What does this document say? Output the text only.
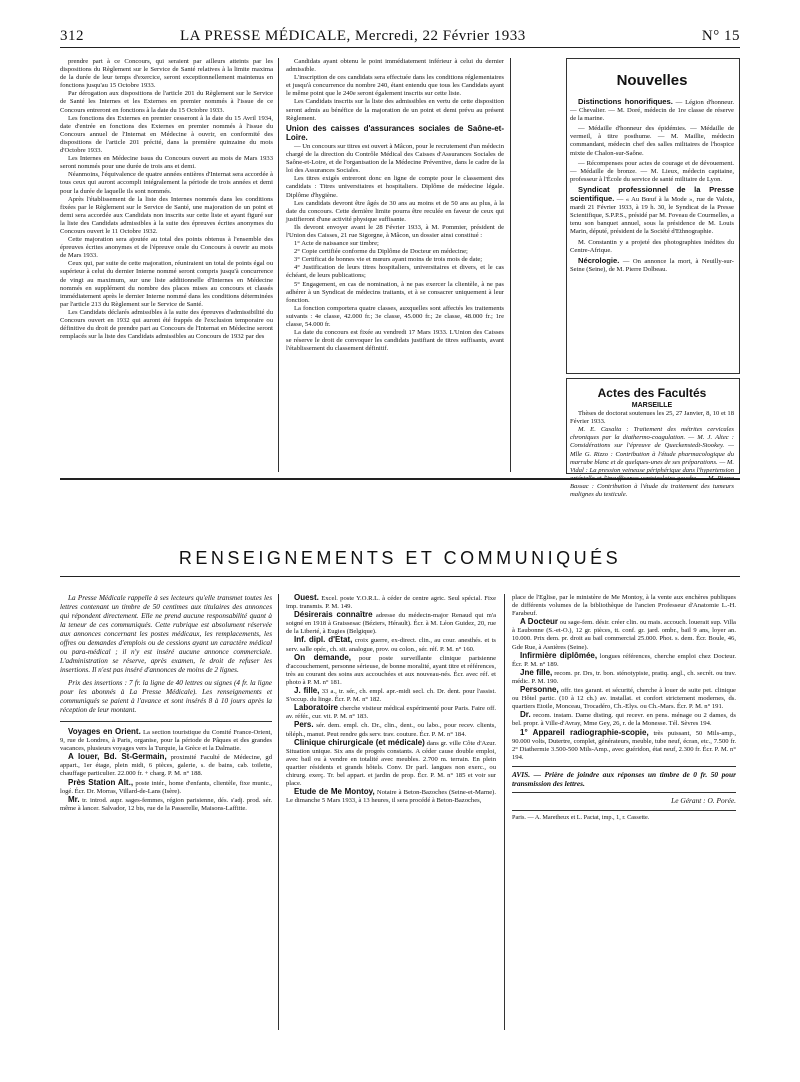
312	LA PRESSE MÉDICALE, Mercredi, 22 Février 1933	N° 15

prendre part à ce Concours, qui seraient par ailleurs atteints par les dispositions du Règlement sur le Service de Santé relatives à la limite maxima de la durée de leur temps d'exercice, seront exceptionnellement maintenus en fonctions jusqu'au 15 Octobre 1933.

Par dérogation aux dispositions de l'article 201 du Règlement sur le Service de Santé les Internes et les Externes en premier nommés à l'issue de ce Concours entreront en fonctions à la date du 15 Octobre 1933.

Les fonctions des Externes en premier cesseront à la date du 15 Avril 1934, date d'entrée en fonctions des Externes en premier nommés à l'issue du Concours annuel de l'Internat en Médecine à ouvrir, en conformité des dispositions de l'article 201 précité, dans la première quinzaine du mois d'Octobre 1933.

Les Internes en Médecine issus du Concours ouvert au mois de Mars 1933 seront nommés pour une durée de trois ans et demi.

Néanmoins, l'équivalence de quatre années entières d'Internat sera accordée à tous ceux qui auront accompli intégralement la période de trois années et demi pour la durée de laquelle ils sont nommés.

Après l'établissement de la liste des Internes nommés dans les conditions fixées par le Règlement sur le Service de Santé, une majoration de un point et demi sera accordée aux Candidats non inscrits sur cette liste et ayant figuré sur la liste des Candidats admissibles à la suite des épreuves écrites anonymes du Concours ouvert le 11 Octobre 1932.

Cette majoration sera ajoutée au total des points obtenus à l'ensemble des épreuves écrites anonymes et de l'épreuve orale du Concours à ouvrir au mois de Mars 1933.

Ceux qui, par suite de cette majoration, réuniraient un total de points égal ou supérieur à celui du dernier Interne nommé seront compris jusqu'à concurrence de vingt au maximum, sur une liste additionnelle d'Internes en Médecine nommés en supplément du nombre des places mises au concours et classés immédiatement après le dernier Interne nommé dans les conditions déterminées par l'article 213 du Règlement sur le Service de Santé.

Les Candidats déclarés admissibles à la suite des épreuves d'admissibilité du Concours ouvert en 1932 qui auront été frappés de l'exclusion temporaire ou définitive du droit de prendre part au Concours de l'Internat en Médecine seront remplacés sur la liste des Candidats admissibles au Concours de 1932 par des

Candidats ayant obtenu le point immédiatement inférieur à celui du dernier admissible.

L'inscription de ces candidats sera effectuée dans les conditions réglementaires et jusqu'à concurrence du nombre 240, étant entendu que tous les Candidats ayant le même point que le 240e seront également inscrits sur cette liste.

Les Candidats inscrits sur la liste des admissibles en vertu de cette disposition seront admis au bénéfice de la majoration de un point et demi prévu au présent Règlement.

Union des caisses d'assurances sociales de Saône-et-Loire.

— Un concours sur titres est ouvert à Mâcon, pour le recrutement d'un médecin chargé de la direction du Contrôle Médical des Caisses d'Assurances Sociales de Saône-et-Loire, et de l'organisation de la Médecine Préventive, dans le cadre de la loi des Assurances Sociales.

Les titres exigés entreront donc en ligne de compte pour le classement des candidats : Titres universitaires et hospitaliers. Diplôme de médecine légale. Diplôme d'hygiène.

Les candidats devront être âgés de 30 ans au moins et de 50 ans au plus, à la date du concours. Cette dernière limite pourra être reculée en faveur de ceux qui justifieront d'une activité physique suffisante.

Ils devront envoyer avant le 28 Février 1933, à M. Pommier, président de l'Union des Caisses, 21 rue Sigorgne, à Mâcon, un dossier ainsi constitué :

1° Acte de naissance sur timbre;

2° Copie certifiée conforme du Diplôme de Docteur en médecine;

3° Certificat de bonnes vie et mœurs ayant moins de trois mois de date;

4° Justification de leurs titres hospitaliers, universitaires et divers, et le cas échéant, de leurs publications;

5° Engagement, en cas de nomination, à ne pas exercer la clientèle, à ne pas adhérer à un Syndicat de médecins traitants, et à se consacrer uniquement à leur fonction.

La fonction comportera quatre classes, auxquelles sont affectés les traitements suivants : 4e classe, 42.000 fr.; 3e classe, 45.000 fr.; 2e classe, 48.000 fr.; 1re classe, 54.000 fr.

La date du concours est fixée au vendredi 17 Mars 1933. L'Union des Caisses se réserve le droit de convoquer les candidats justifiant de titres suffisants, avant l'établissement du classement définitif.

Nouvelles

Distinctions honorifiques. — Légion d'honneur. — Chevalier. — M. Doré, médecin de 1re classe de réserve de la marine.

— Médaille d'honneur des épidémies. — Médaille de vermeil, à titre posthume. — M. Maillie, médecin commandant, médecin chef des salles militaires de l'hospice mixte de Chalon-sur-Saône.

— Récompenses pour actes de courage et de dévouement. — Médaille de bronze. — M. Lieux, médecin capitaine, professeur à l'École du service de santé militaire de Lyon.

Syndicat professionnel de la Presse scientifique. — « Au Bœuf à la Mode », rue de Valois, mardi 21 Février 1933, à 19 h. 30, le Syndicat de la Presse Scientifique, S.P.P.S., présidé par M. Foveau de Courmelles, a tenu son banquet annuel, sous la présidence de M. Louis Marin, député, président de la Société d'Ethnographie.

M. Constantin y a projeté des photographies inédites du Centre-Afrique.

Nécrologie. — On annonce la mort, à Neuilly-sur-Seine (Seine), de M. Pierre Dolbeau.

Actes des Facultés

MARSEILLE

Thèses de doctorat soutenues les 25, 27 Janvier, 8, 10 et 18 Février 1933.

M. E. Casalta : Traitement des métrites cervicales chroniques par la diathermo-coagulation. — M. J. Altec : Considérations sur l'épreuve de Queckenstedt-Stookey. — Mlle G. Rizzo : Contribution à l'étude pharmacologique du marrube blanc et de quelques-unes de ses préparations. — M. Vidal : La pression veineuse périphérique dans l'hypertension artérielle et l'insuffisance ventriculaire gauche. — M. Pierre Bassac : Contribution à l'étude du traitement des tumeurs malignes du testicule.

RENSEIGNEMENTS ET COMMUNIQUÉS

La Presse Médicale rappelle à ses lecteurs qu'elle transmet toutes les lettres contenant un timbre de 50 centimes aux titulaires des annonces qui répondent directement. Elle ne prend aucune responsabilité quant à la teneur de ces communiqués. Cette rubrique est absolument réservée aux annonces concernant les postes médicaux, les remplacements, les offres ou demandes d'emplois ou de cessions ayant un caractère médical ou para-médical ; il n'y est inséré aucune annonce commerciale. L'administration se réserve, après examen, le droit de refuser les insertions. Il n'est pas inséré d'annonces de moins de 2 lignes.

Prix des insertions : 7 fr. la ligne de 40 lettres ou signes (4 fr. la ligne pour les abonnés à La Presse Médicale). Les renseignements et communiqués se paient à l'avance et sont insérés 8 à 10 jours après la réception de leur montant.

Voyages en Orient. La section touristique du Comité France-Orient, 9, rue de Londres, à Paris, organise, pour la période de Pâques et des grandes vacances, plusieurs voyages vers la Turquie, la Grèce et la Dalmatie.

A louer, Bd. St-Germain, proximité Faculté de Médecine, gd appart., 1er étage, plein midi, 6 pièces, galerie, s. de bains, cab. toilette, chauffage particulier. 22.000 fr. + charg. P. M. n° 188.

Près Station Alt., poste intér., home d'enfants, clientèle, fixe munic., logé. Écr. Dr. Morras, Villard-de-Lans (Isère).

Mr. tr. introd. aupr. sages-femmes, région parisienne, dés. s'adj. prod. sér. même à lancer. Salvador, 12 bis, rue de la Passerelle, Maisons-Laffitte.

Ouest. Excel. poste Y.O.R.L. à céder de centre agric. Seul spécial. Fixe imp. transmis. P. M. 149.

Désirerais connaître adresse du médecin-major Renaud qui m'a soigné en 1918 à Graissesac (Béziers, Hérault). Écr. à M. Léon Guidez, 20, rue de la Liberté, à Eugies (Belgique).

Inf. dipl. d'Etat, croix guerre, ex-direct. clin., au cour. anesthés. et ts serv. salle opér., ch. sit. analogue, prov. ou colon., sér. réf. P. M. n° 160.

On demande, pour poste surveillante clinique parisienne d'accouchement, personne sérieuse, de bonne moralité, ayant titre et références, très au courant des soins aux accouchées et aux nouveau-nés. Écr. avec réf. et photo à P. M. n° 181.

J. fille, 33 a., tr. sér., ch. empl. apr.-midi secl. ch. Dr. dent. pour l'assist. S'occup. du linge. Écr. P. M. n° 182.

Laboratoire cherche visiteur médical expérimenté pour Paris. Faire off. av. référ., cur. vit. P. M. n° 183.

Pers. sér. dem. empl. ch. Dr., clin., dent., ou labo., pour recev. clients, téléph., manut. Peut rendre gds serv. trav. couture. Écr. P. M. n° 184.

Clinique chirurgicale (et médicale) dans gr. ville Côte d'Azur. Situation unique. Six ans de progrès constants. A céder cause double emploi, avec bail ou à vendre en totalité avec meubles. 2.700 m. terrain. En plein quartier résidents et grands hôtels. Conv. Dr parl. langues non exerc., ou chirurg. exerç. Tr. bel appart. et jardin de prop. Écr. P. M. n° 185 et voir sur place.

Etude de Me Montoy, Notaire à Beton-Bazoches (Seine-et-Marne). Le dimanche 5 Mars 1933, à 13 heures, il sera procédé à Beton-Bazoches,

place de l'Eglise, par le ministère de Me Montoy, à la vente aux enchères publiques de différents volumes de la bibliothèque de l'ancien Professeur d'Anatomie L.-H. Farabeuf.

A Docteur ou sage-fem. désir. créer clin. ou mais. accouch. louerait sup. Villa à Eaubonne (S.-et-O.), 12 gr. pièces, tt. conf. gr. jard. ombr., bail 9 ans, loyer an. 10.000. Prix dem. pr. droit au bail commercial 25.000. Phot. s. dem. Écr. Boule, 46, Gde Rue, à Asnières (Seine).

Infirmière diplômée, longues références, cherche emploi chez Docteur. Écr. P. M. n° 189.

Jne fille, recom. pr. Drs, tr. bon. sténotypiste, pratiq. angl., ch. secrét. ou trav. médic. P. M. 190.

Personne, offr. ttes garant. et sécurité, cherche à louer de suite pet. clinique ou Hôtel partic. (10 à 12 ch.) av. installat. et confort strictement modernes, ds. quartiers Etoile, Monceau, Trocadéro, Ch.-Elys. ou Ch.-Mars. Écr. P. M. n° 191.

Dr. recom. instam. Dame disting. qui recevr. en pens. ménage ou 2 dames, ds bel. propr. à Ville-d'Avray, Mme Gey, 26, r. de la Monesse. Tél. Sèvres 194.

1° Appareil radiographie-scopie, très puissant, 50 Mils-amp., 90.000 volts, Dutertre, complet, générateurs, meuble, tube neuf, écran, etc., 7.500 fr. 2° Diathermie 3.500-500 Mils-Amp., avec guéridon, état neuf, 2.300 fr. Écr. P. M. n° 194.

AVIS. — Prière de joindre aux réponses un timbre de 0 fr. 50 pour transmission des lettres.

Le Gérant : O. Porée.
Paris. — A. Maretheux et L. Pactat, imp., 1, r. Cassette.
